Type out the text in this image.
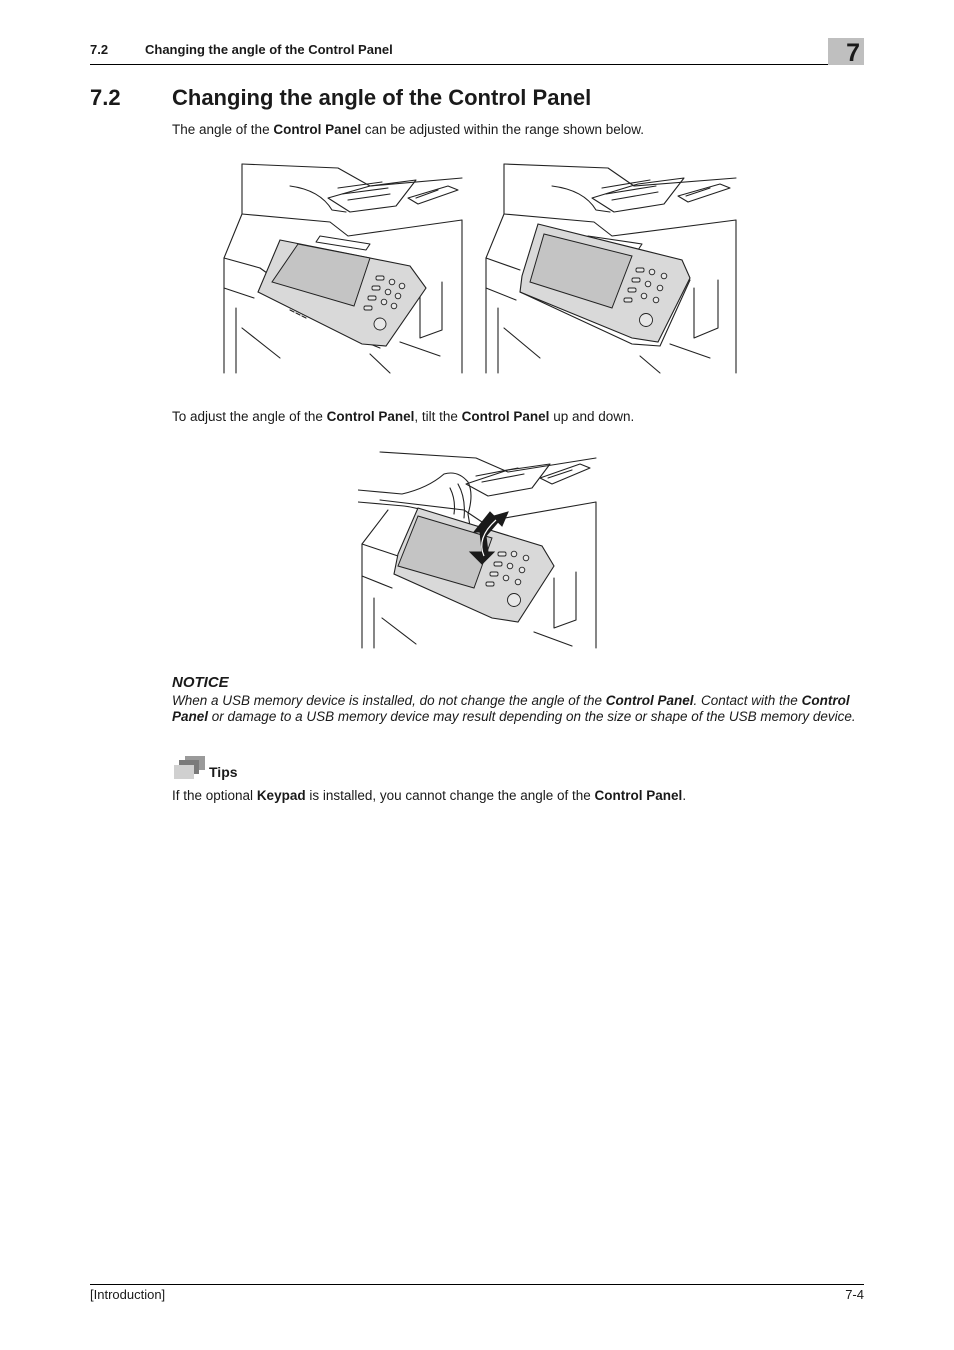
7.2	Changing the angle of the Control Panel	7
7.2 Changing the angle of the Control Panel
The angle of the Control Panel can be adjusted within the range shown below.
To adjust the angle of the Control Panel, tilt the Control Panel up and down.
NOTICE
When a USB memory device is installed, do not change the angle of the Control Panel. Contact with the Control Panel or damage to a USB memory device may result depending on the size or shape of the USB memory device.
Tips
If the optional Keypad is installed, you cannot change the angle of the Control Panel.
[Introduction]	7-4
